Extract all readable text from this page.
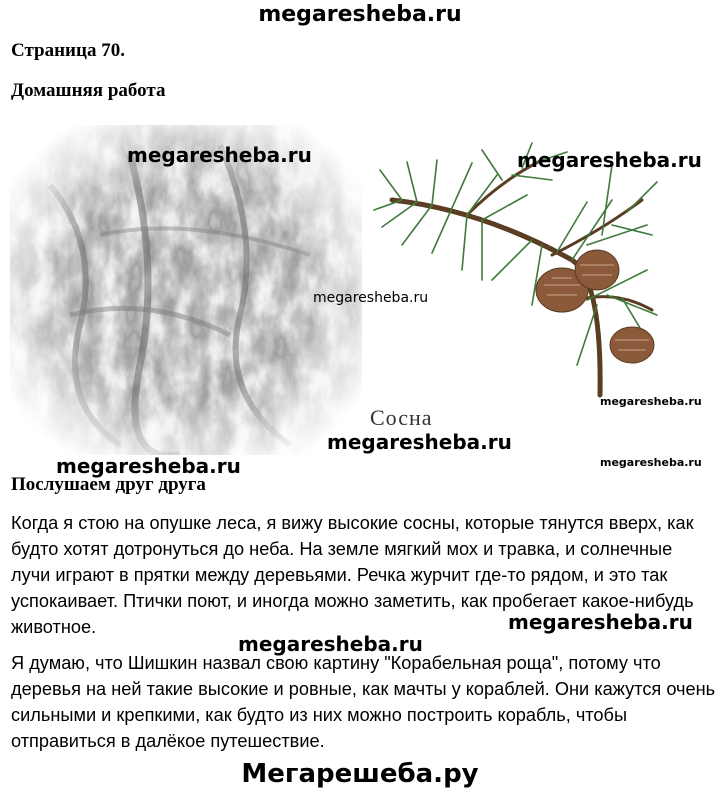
megaresheba.ru
Страница 70.
Домашняя работа
Сосна
megaresheba.ru	megaresheba.ru
megaresheba.ru
megaresheba.ru
megaresheba.ru
megaresheba.ru	megaresheba.ru
Послушаем друг друга

Когда я стою на опушке леса, я вижу высокие сосны, которые тянутся вверх, как будто хотят дотронуться до неба. На земле мягкий мох и травка, и солнечные лучи играют в прятки между деревьями. Речка журчит где-то рядом, и это так успокаивает. Птички поют, и иногда можно заметить, как пробегает какое-нибудь животное.

Я думаю, что Шишкин назвал свою картину "Корабельная роща", потому что деревья на ней такие высокие и ровные, как мачты у кораблей. Они кажутся очень сильными и крепкими, как будто из них можно построить корабль, чтобы отправиться в далёкое путешествие.

megaresheba.ru
megaresheba.ru
Мегарешеба.ру
